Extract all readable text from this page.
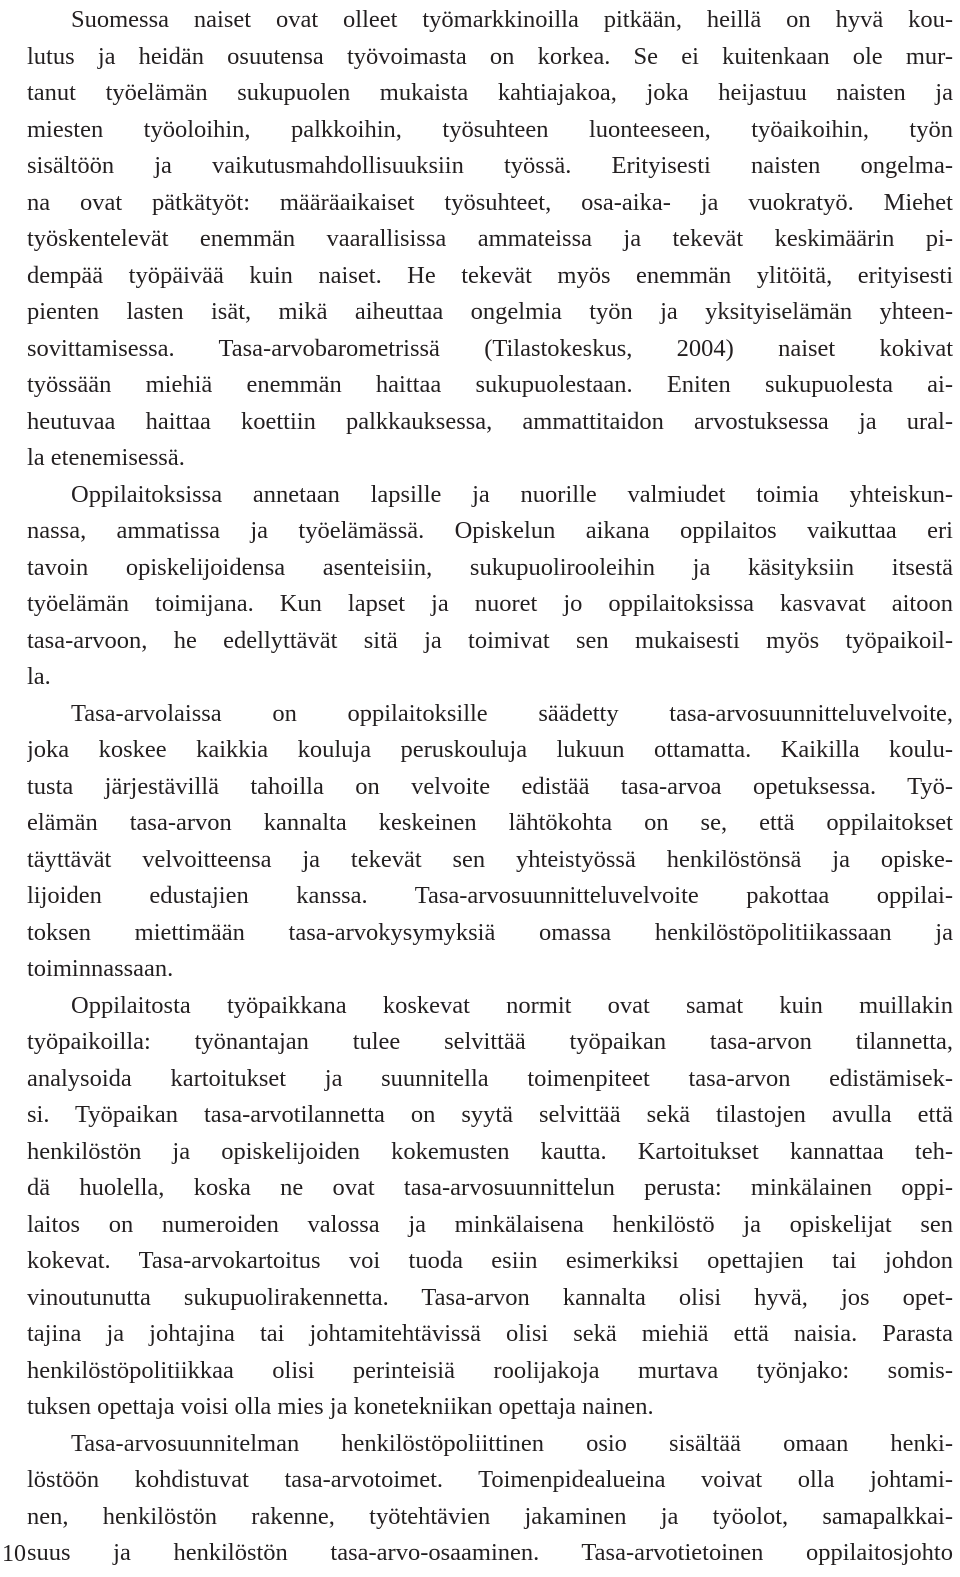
Suomessa naiset ovat olleet työmarkkinoilla pitkään, heillä on hyvä kou-
lutus ja heidän osuutensa työvoimasta on korkea. Se ei kuitenkaan ole mur-
tanut työelämän sukupuolen mukaista kahtiajakoa, joka heijastuu naisten ja
miesten työoloihin, palkkoihin, työsuhteen luonteeseen, työaikoihin, työn
sisältöön ja vaikutusmahdollisuuksiin työssä. Erityisesti naisten ongelma-
na ovat pätkätyöt: määräaikaiset työsuhteet, osa-aika- ja vuokratyö. Miehet
työskentelevät enemmän vaarallisissa ammateissa ja tekevät keskimäärin pi-
dempää työpäivää kuin naiset. He tekevät myös enemmän ylitöitä, erityisesti
pienten lasten isät, mikä aiheuttaa ongelmia työn ja yksityiselämän yhteen-
sovittamisessa. Tasa-arvobarometrissä (Tilastokeskus, 2004) naiset kokivat
työssään miehiä enemmän haittaa sukupuolestaan. Eniten sukupuolesta ai-
heutuvaa haittaa koettiin palkkauksessa, ammattitaidon arvostuksessa ja ural-
la etenemisessä.
Oppilaitoksissa annetaan lapsille ja nuorille valmiudet toimia yhteiskun-
nassa, ammatissa ja työelämässä. Opiskelun aikana oppilaitos vaikuttaa eri
tavoin opiskelijoidensa asenteisiin, sukupuolirooleihin ja käsityksiin itsestä
työelämän toimijana. Kun lapset ja nuoret jo oppilaitoksissa kasvavat aitoon
tasa-arvoon, he edellyttävät sitä ja toimivat sen mukaisesti myös työpaikoil-
la.
Tasa-arvolaissa on oppilaitoksille säädetty tasa-arvosuunnitteluvelvoite,
joka koskee kaikkia kouluja peruskouluja lukuun ottamatta. Kaikilla koulu-
tusta järjestävillä tahoilla on velvoite edistää tasa-arvoa opetuksessa. Työ-
elämän tasa-arvon kannalta keskeinen lähtökohta on se, että oppilaitokset
täyttävät velvoitteensa ja tekevät sen yhteistyössä henkilöstönsä ja opiske-
lijoiden edustajien kanssa. Tasa-arvosuunnitteluvelvoite pakottaa oppilai-
toksen miettimään tasa-arvokysymyksiä omassa henkilöstöpolitiikassaan ja
toiminnassaan.
Oppilaitosta työpaikkana koskevat normit ovat samat kuin muillakin
työpaikoilla: työnantajan tulee selvittää työpaikan tasa-arvon tilannetta,
analysoida kartoitukset ja suunnitella toimenpiteet tasa-arvon edistämisek-
si. Työpaikan tasa-arvotilannetta on syytä selvittää sekä tilastojen avulla että
henkilöstön ja opiskelijoiden kokemusten kautta. Kartoitukset kannattaa teh-
dä huolella, koska ne ovat tasa-arvosuunnittelun perusta: minkälainen oppi-
laitos on numeroiden valossa ja minkälaisena henkilöstö ja opiskelijat sen
kokevat. Tasa-arvokartoitus voi tuoda esiin esimerkiksi opettajien tai johdon
vinoutunutta sukupuolirakennetta. Tasa-arvon kannalta olisi hyvä, jos opet-
tajina ja johtajina tai johtamitehtävissä olisi sekä miehiä että naisia. Parasta
henkilöstöpolitiikkaa olisi perinteisiä roolijakoja murtava työnjako: somis-
tuksen opettaja voisi olla mies ja konetekniikan opettaja nainen.
Tasa-arvosuunnitelman henkilöstöpoliittinen osio sisältää omaan henki-
löstöön kohdistuvat tasa-arvotoimet. Toimenpidealueina voivat olla johtami-
nen, henkilöstön rakenne, työtehtävien jakaminen ja työolot, samapalkkai-
suus ja henkilöstön tasa-arvo-osaaminen. Tasa-arvotietoinen oppilaitosjohto
10
